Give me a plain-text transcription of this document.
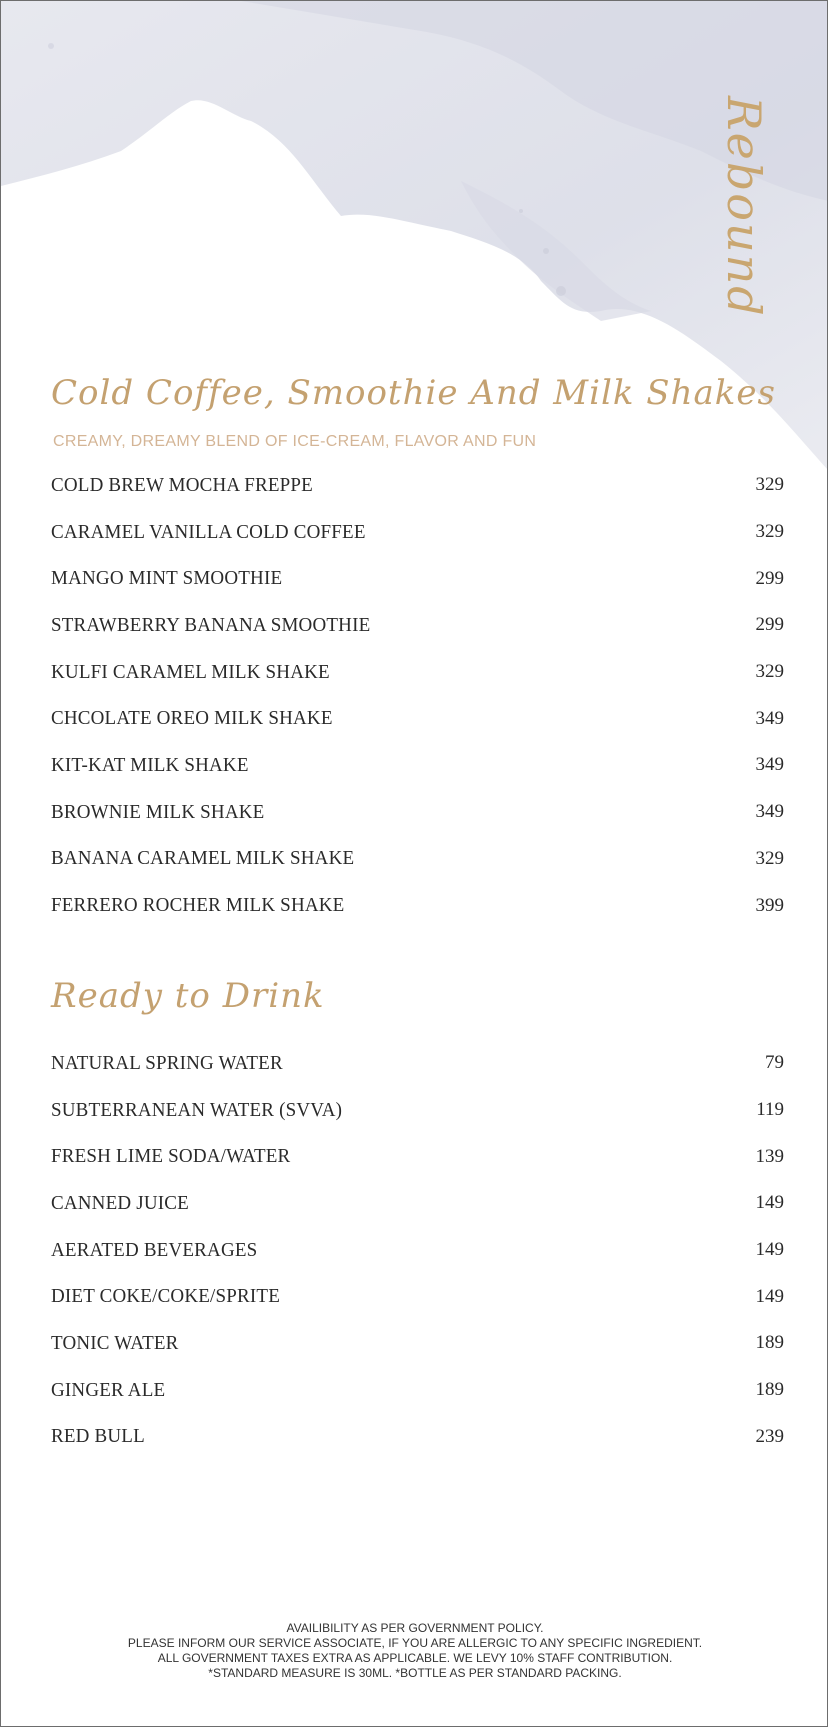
Rebound
Cold Coffee, Smoothie And Milk Shakes
CREAMY, DREAMY BLEND OF ICE-CREAM, FLAVOR AND FUN
COLD BREW MOCHA FREPPE	329
CARAMEL VANILLA COLD COFFEE	329
MANGO MINT SMOOTHIE	299
STRAWBERRY BANANA SMOOTHIE	299
KULFI CARAMEL MILK SHAKE	329
CHCOLATE OREO MILK SHAKE	349
KIT-KAT MILK SHAKE	349
BROWNIE MILK SHAKE	349
BANANA CARAMEL MILK SHAKE	329
FERRERO ROCHER MILK SHAKE	399
Ready to Drink
NATURAL SPRING WATER	79
SUBTERRANEAN WATER (SVVA)	119
FRESH LIME SODA/WATER	139
CANNED JUICE	149
AERATED BEVERAGES	149
DIET COKE/COKE/SPRITE	149
TONIC WATER	189
GINGER ALE	189
RED BULL	239
AVAILIBILITY AS PER GOVERNMENT POLICY.
PLEASE INFORM OUR SERVICE ASSOCIATE, IF YOU ARE ALLERGIC TO ANY SPECIFIC INGREDIENT.
ALL GOVERNMENT TAXES EXTRA AS APPLICABLE. WE LEVY 10% STAFF CONTRIBUTION.
*STANDARD MEASURE IS 30ML. *BOTTLE AS PER STANDARD PACKING.
